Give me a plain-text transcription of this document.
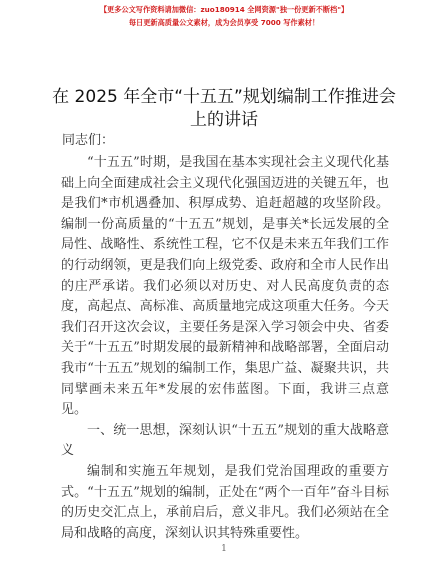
【更多公文写作资料请加微信：zuo180914 全网资源"独一份更新不断档"】
每日更新高质量公文素材，成为会员享受 7000 写作素材！
在 2025 年全市“十五五”规划编制工作推进会
上的讲话
同志们：

“十五五”时期，是我国在基本实现社会主义现代化基础上向全面建成社会主义现代化强国迈进的关键五年，也是我们*市机遇叠加、积厚成势、追赶超越的攻坚阶段。编制一份高质量的“十五五”规划，是事关*长远发展的全局性、战略性、系统性工程，它不仅是未来五年我们工作的行动纲领，更是我们向上级党委、政府和全市人民作出的庄严承诺。我们必须以对历史、对人民高度负责的态度，高起点、高标准、高质量地完成这项重大任务。今天我们召开这次会议，主要任务是深入学习领会中央、省委关于“十五五”时期发展的最新精神和战略部署，全面启动我市“十五五”规划的编制工作，集思广益、凝聚共识，共同擘画未来五年*发展的宏伟蓝图。下面，我讲三点意见。

一、统一思想，深刻认识“十五五”规划的重大战略意义

编制和实施五年规划，是我们党治国理政的重要方式。“十五五”规划的编制，正处在“两个一百年”奋斗目标的历史交汇点上，承前启后，意义非凡。我们必须站在全局和战略的高度，深刻认识其特殊重要性。

1
